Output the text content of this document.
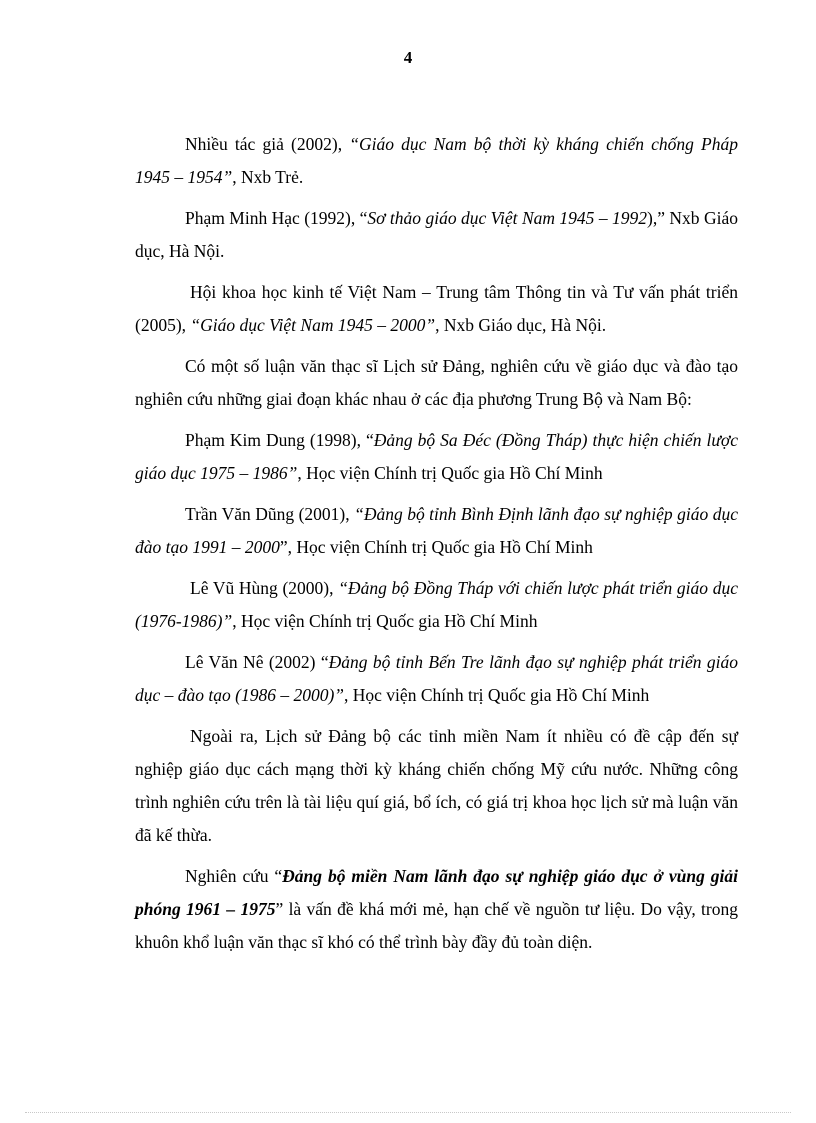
4

Nhiều tác giả (2002), “Giáo dục Nam bộ thời kỳ kháng chiến chống Pháp 1945 – 1954”, Nxb Trẻ.

Phạm Minh Hạc (1992), “Sơ thảo giáo dục Việt Nam 1945 – 1992),” Nxb Giáo dục, Hà Nội.

Hội khoa học kinh tế Việt Nam – Trung tâm Thông tin và Tư vấn phát triển (2005), “Giáo dục Việt Nam 1945 – 2000”, Nxb Giáo dục, Hà Nội.

Có một số luận văn thạc sĩ Lịch sử Đảng, nghiên cứu về giáo dục và đào tạo nghiên cứu những giai đoạn khác nhau ở các địa phương Trung Bộ và Nam Bộ:

Phạm Kim Dung (1998), “Đảng bộ Sa Đéc (Đồng Tháp) thực hiện chiến lược giáo dục 1975 – 1986”, Học viện Chính trị Quốc gia Hồ Chí Minh

Trần Văn Dũng (2001), “Đảng bộ tỉnh Bình Định lãnh đạo sự nghiệp giáo dục đào tạo 1991 – 2000”, Học viện Chính trị Quốc gia Hồ Chí Minh

Lê Vũ Hùng (2000), “Đảng bộ Đồng Tháp với chiến lược phát triển giáo dục (1976-1986)”, Học viện Chính trị Quốc gia Hồ Chí Minh

Lê Văn Nê (2002) “Đảng bộ tỉnh Bến Tre lãnh đạo sự nghiệp phát triển giáo dục – đào tạo (1986 – 2000)”, Học viện Chính trị Quốc gia Hồ Chí Minh

Ngoài ra, Lịch sử Đảng bộ các tỉnh miền Nam ít nhiều có đề cập đến sự nghiệp giáo dục cách mạng thời kỳ kháng chiến chống Mỹ cứu nước. Những công trình nghiên cứu trên là tài liệu quí giá, bổ ích, có giá trị khoa học lịch sử mà luận văn đã kế thừa.

Nghiên cứu “Đảng bộ miền Nam lãnh đạo sự nghiệp giáo dục ở vùng giải phóng 1961 – 1975” là vấn đề khá mới mẻ, hạn chế về nguồn tư liệu. Do vậy, trong khuôn khổ luận văn thạc sĩ khó có thể trình bày đầy đủ toàn diện.
